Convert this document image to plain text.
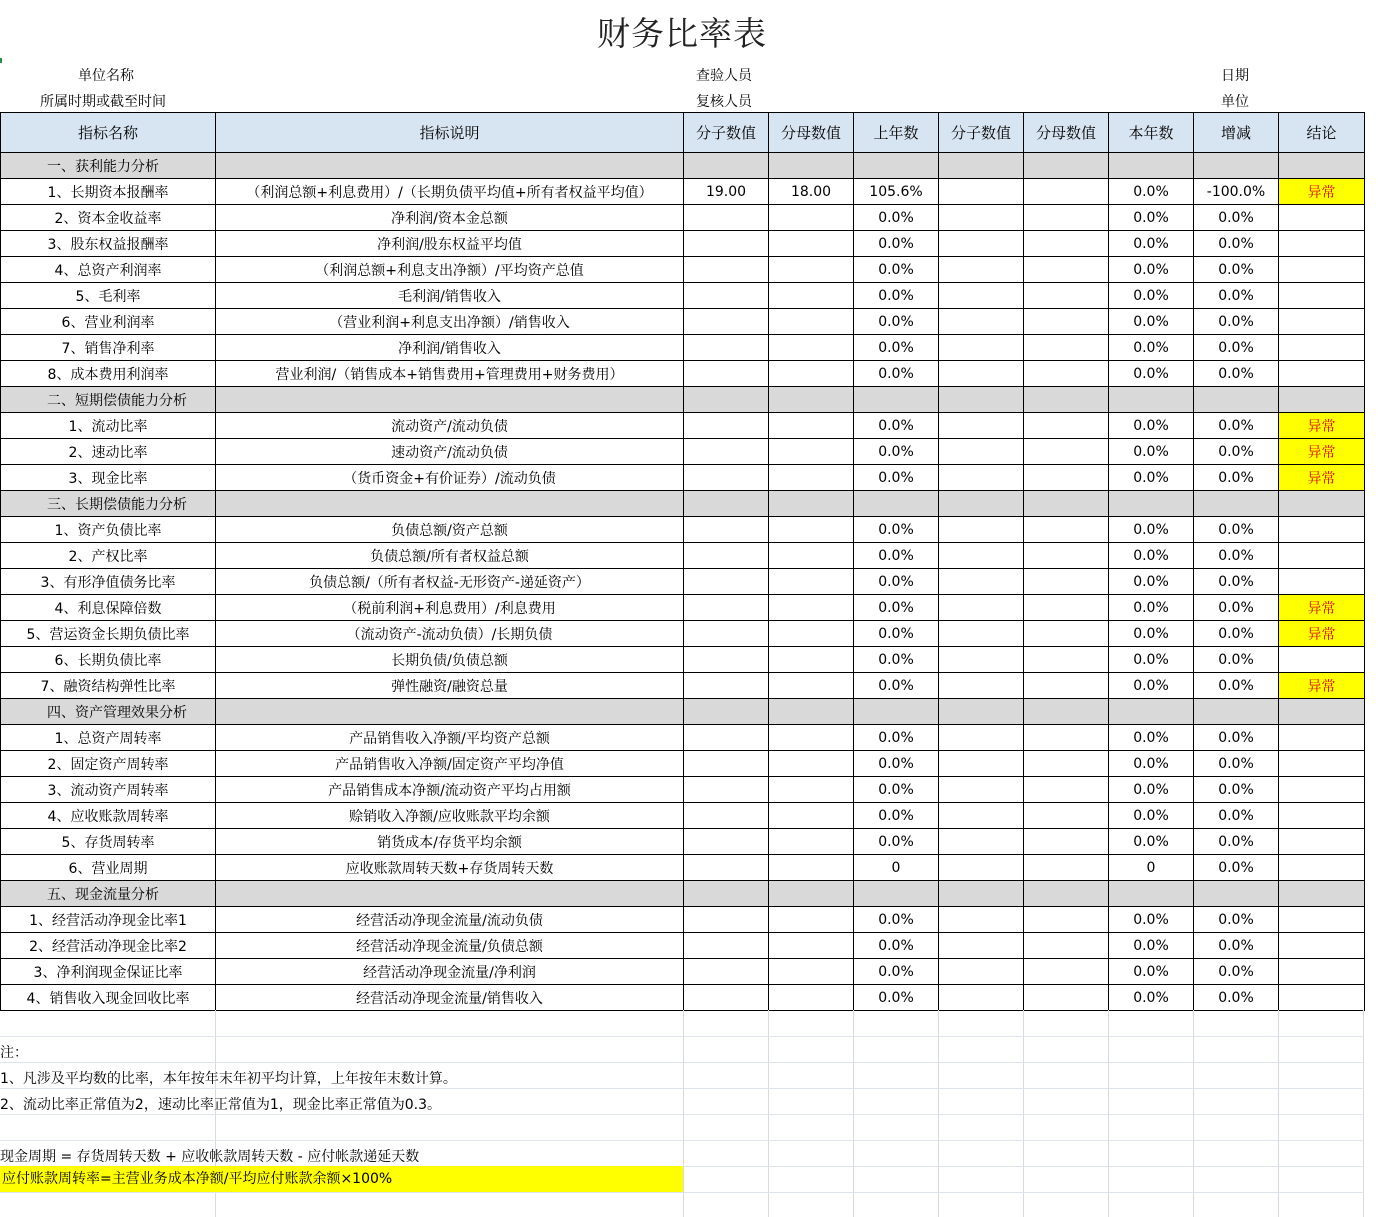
财务比率表
单位名称
所属时期或截至时间
查验人员
复核人员
日期
单位
指标名称	指标说明	分子数值	分母数值	上年数	分子数值	分母数值	本年数	增减	结论
一、获利能力分析									
1、长期资本报酬率	（利润总额+利息费用）/（长期负债平均值+所有者权益平均值）	19.00	18.00	105.6%			0.0%	-100.0%	异常
2、资本金收益率	净利润/资本金总额			0.0%			0.0%	0.0%	
3、股东权益报酬率	净利润/股东权益平均值			0.0%			0.0%	0.0%	
4、总资产利润率	（利润总额+利息支出净额）/平均资产总值			0.0%			0.0%	0.0%	
5、毛利率	毛利润/销售收入			0.0%			0.0%	0.0%	
6、营业利润率	（营业利润+利息支出净额）/销售收入			0.0%			0.0%	0.0%	
7、销售净利率	净利润/销售收入			0.0%			0.0%	0.0%	
8、成本费用利润率	营业利润/（销售成本+销售费用+管理费用+财务费用）			0.0%			0.0%	0.0%	
二、短期偿债能力分析									
1、流动比率	流动资产/流动负债			0.0%			0.0%	0.0%	异常
2、速动比率	速动资产/流动负债			0.0%			0.0%	0.0%	异常
3、现金比率	（货币资金+有价证券）/流动负债			0.0%			0.0%	0.0%	异常
三、长期偿债能力分析									
1、资产负债比率	负债总额/资产总额			0.0%			0.0%	0.0%	
2、产权比率	负债总额/所有者权益总额			0.0%			0.0%	0.0%	
3、有形净值债务比率	负债总额/（所有者权益-无形资产-递延资产）			0.0%			0.0%	0.0%	
4、利息保障倍数	（税前利润+利息费用）/利息费用			0.0%			0.0%	0.0%	异常
5、营运资金长期负债比率	（流动资产-流动负债）/长期负债			0.0%			0.0%	0.0%	异常
6、长期负债比率	长期负债/负债总额			0.0%			0.0%	0.0%	
7、融资结构弹性比率	弹性融资/融资总量			0.0%			0.0%	0.0%	异常
四、资产管理效果分析									
1、总资产周转率	产品销售收入净额/平均资产总额			0.0%			0.0%	0.0%	
2、固定资产周转率	产品销售收入净额/固定资产平均净值			0.0%			0.0%	0.0%	
3、流动资产周转率	产品销售成本净额/流动资产平均占用额			0.0%			0.0%	0.0%	
4、应收账款周转率	赊销收入净额/应收账款平均余额			0.0%			0.0%	0.0%	
5、存货周转率	销货成本/存货平均余额			0.0%			0.0%	0.0%	
6、营业周期	应收账款周转天数+存货周转天数			0			0	0.0%	
五、现金流量分析									
1、经营活动净现金比率1	经营活动净现金流量/流动负债			0.0%			0.0%	0.0%	
2、经营活动净现金比率2	经营活动净现金流量/负债总额			0.0%			0.0%	0.0%	
3、净利润现金保证比率	经营活动净现金流量/净利润			0.0%			0.0%	0.0%	
4、销售收入现金回收比率	经营活动净现金流量/销售收入			0.0%			0.0%	0.0%	
注：
1、凡涉及平均数的比率，本年按年末年初平均计算，上年按年末数计算。
2、流动比率正常值为2，速动比率正常值为1，现金比率正常值为0.3。
现金周期 = 存货周转天数 + 应收帐款周转天数 - 应付帐款递延天数
应付账款周转率=主营业务成本净额/平均应付账款余额×100%
